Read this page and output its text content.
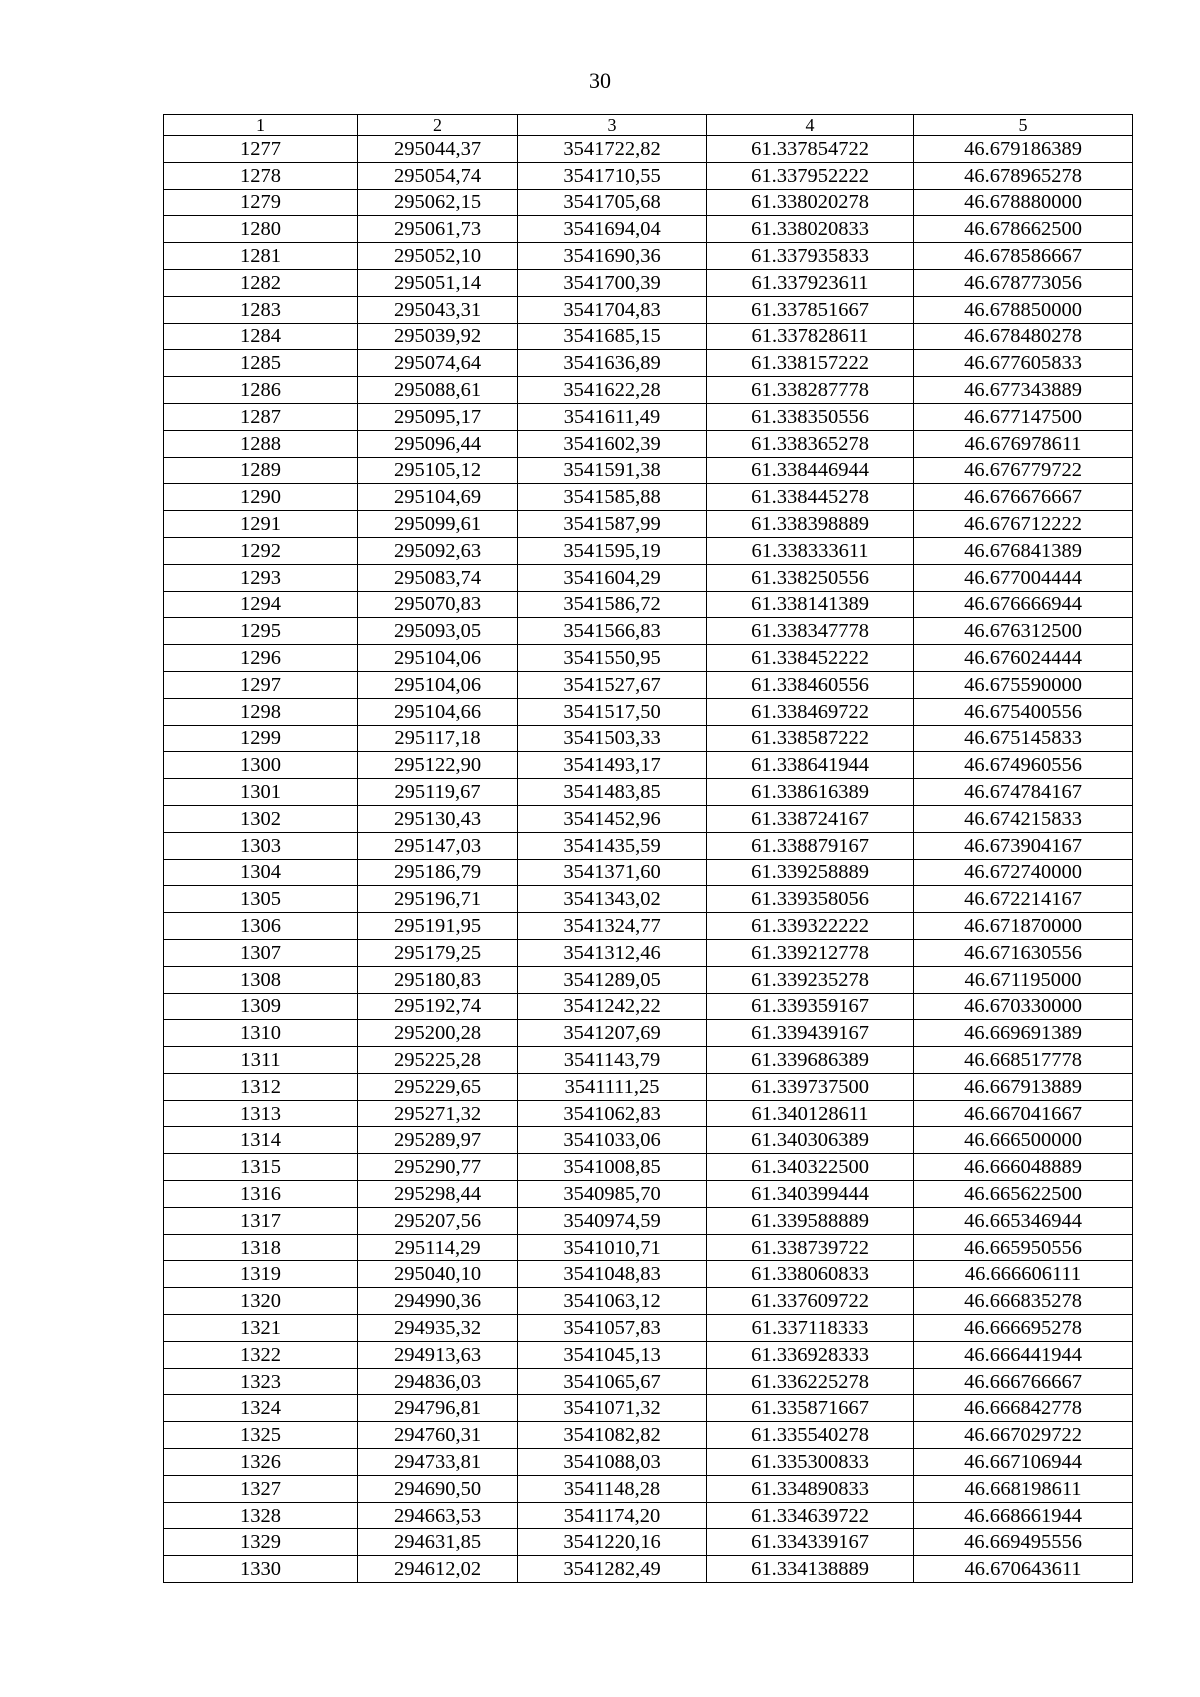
30
1	2	3	4	5
1277	295044,37	3541722,82	61.337854722	46.679186389
1278	295054,74	3541710,55	61.337952222	46.678965278
1279	295062,15	3541705,68	61.338020278	46.678880000
1280	295061,73	3541694,04	61.338020833	46.678662500
1281	295052,10	3541690,36	61.337935833	46.678586667
1282	295051,14	3541700,39	61.337923611	46.678773056
1283	295043,31	3541704,83	61.337851667	46.678850000
1284	295039,92	3541685,15	61.337828611	46.678480278
1285	295074,64	3541636,89	61.338157222	46.677605833
1286	295088,61	3541622,28	61.338287778	46.677343889
1287	295095,17	3541611,49	61.338350556	46.677147500
1288	295096,44	3541602,39	61.338365278	46.676978611
1289	295105,12	3541591,38	61.338446944	46.676779722
1290	295104,69	3541585,88	61.338445278	46.676676667
1291	295099,61	3541587,99	61.338398889	46.676712222
1292	295092,63	3541595,19	61.338333611	46.676841389
1293	295083,74	3541604,29	61.338250556	46.677004444
1294	295070,83	3541586,72	61.338141389	46.676666944
1295	295093,05	3541566,83	61.338347778	46.676312500
1296	295104,06	3541550,95	61.338452222	46.676024444
1297	295104,06	3541527,67	61.338460556	46.675590000
1298	295104,66	3541517,50	61.338469722	46.675400556
1299	295117,18	3541503,33	61.338587222	46.675145833
1300	295122,90	3541493,17	61.338641944	46.674960556
1301	295119,67	3541483,85	61.338616389	46.674784167
1302	295130,43	3541452,96	61.338724167	46.674215833
1303	295147,03	3541435,59	61.338879167	46.673904167
1304	295186,79	3541371,60	61.339258889	46.672740000
1305	295196,71	3541343,02	61.339358056	46.672214167
1306	295191,95	3541324,77	61.339322222	46.671870000
1307	295179,25	3541312,46	61.339212778	46.671630556
1308	295180,83	3541289,05	61.339235278	46.671195000
1309	295192,74	3541242,22	61.339359167	46.670330000
1310	295200,28	3541207,69	61.339439167	46.669691389
1311	295225,28	3541143,79	61.339686389	46.668517778
1312	295229,65	3541111,25	61.339737500	46.667913889
1313	295271,32	3541062,83	61.340128611	46.667041667
1314	295289,97	3541033,06	61.340306389	46.666500000
1315	295290,77	3541008,85	61.340322500	46.666048889
1316	295298,44	3540985,70	61.340399444	46.665622500
1317	295207,56	3540974,59	61.339588889	46.665346944
1318	295114,29	3541010,71	61.338739722	46.665950556
1319	295040,10	3541048,83	61.338060833	46.666606111
1320	294990,36	3541063,12	61.337609722	46.666835278
1321	294935,32	3541057,83	61.337118333	46.666695278
1322	294913,63	3541045,13	61.336928333	46.666441944
1323	294836,03	3541065,67	61.336225278	46.666766667
1324	294796,81	3541071,32	61.335871667	46.666842778
1325	294760,31	3541082,82	61.335540278	46.667029722
1326	294733,81	3541088,03	61.335300833	46.667106944
1327	294690,50	3541148,28	61.334890833	46.668198611
1328	294663,53	3541174,20	61.334639722	46.668661944
1329	294631,85	3541220,16	61.334339167	46.669495556
1330	294612,02	3541282,49	61.334138889	46.670643611
